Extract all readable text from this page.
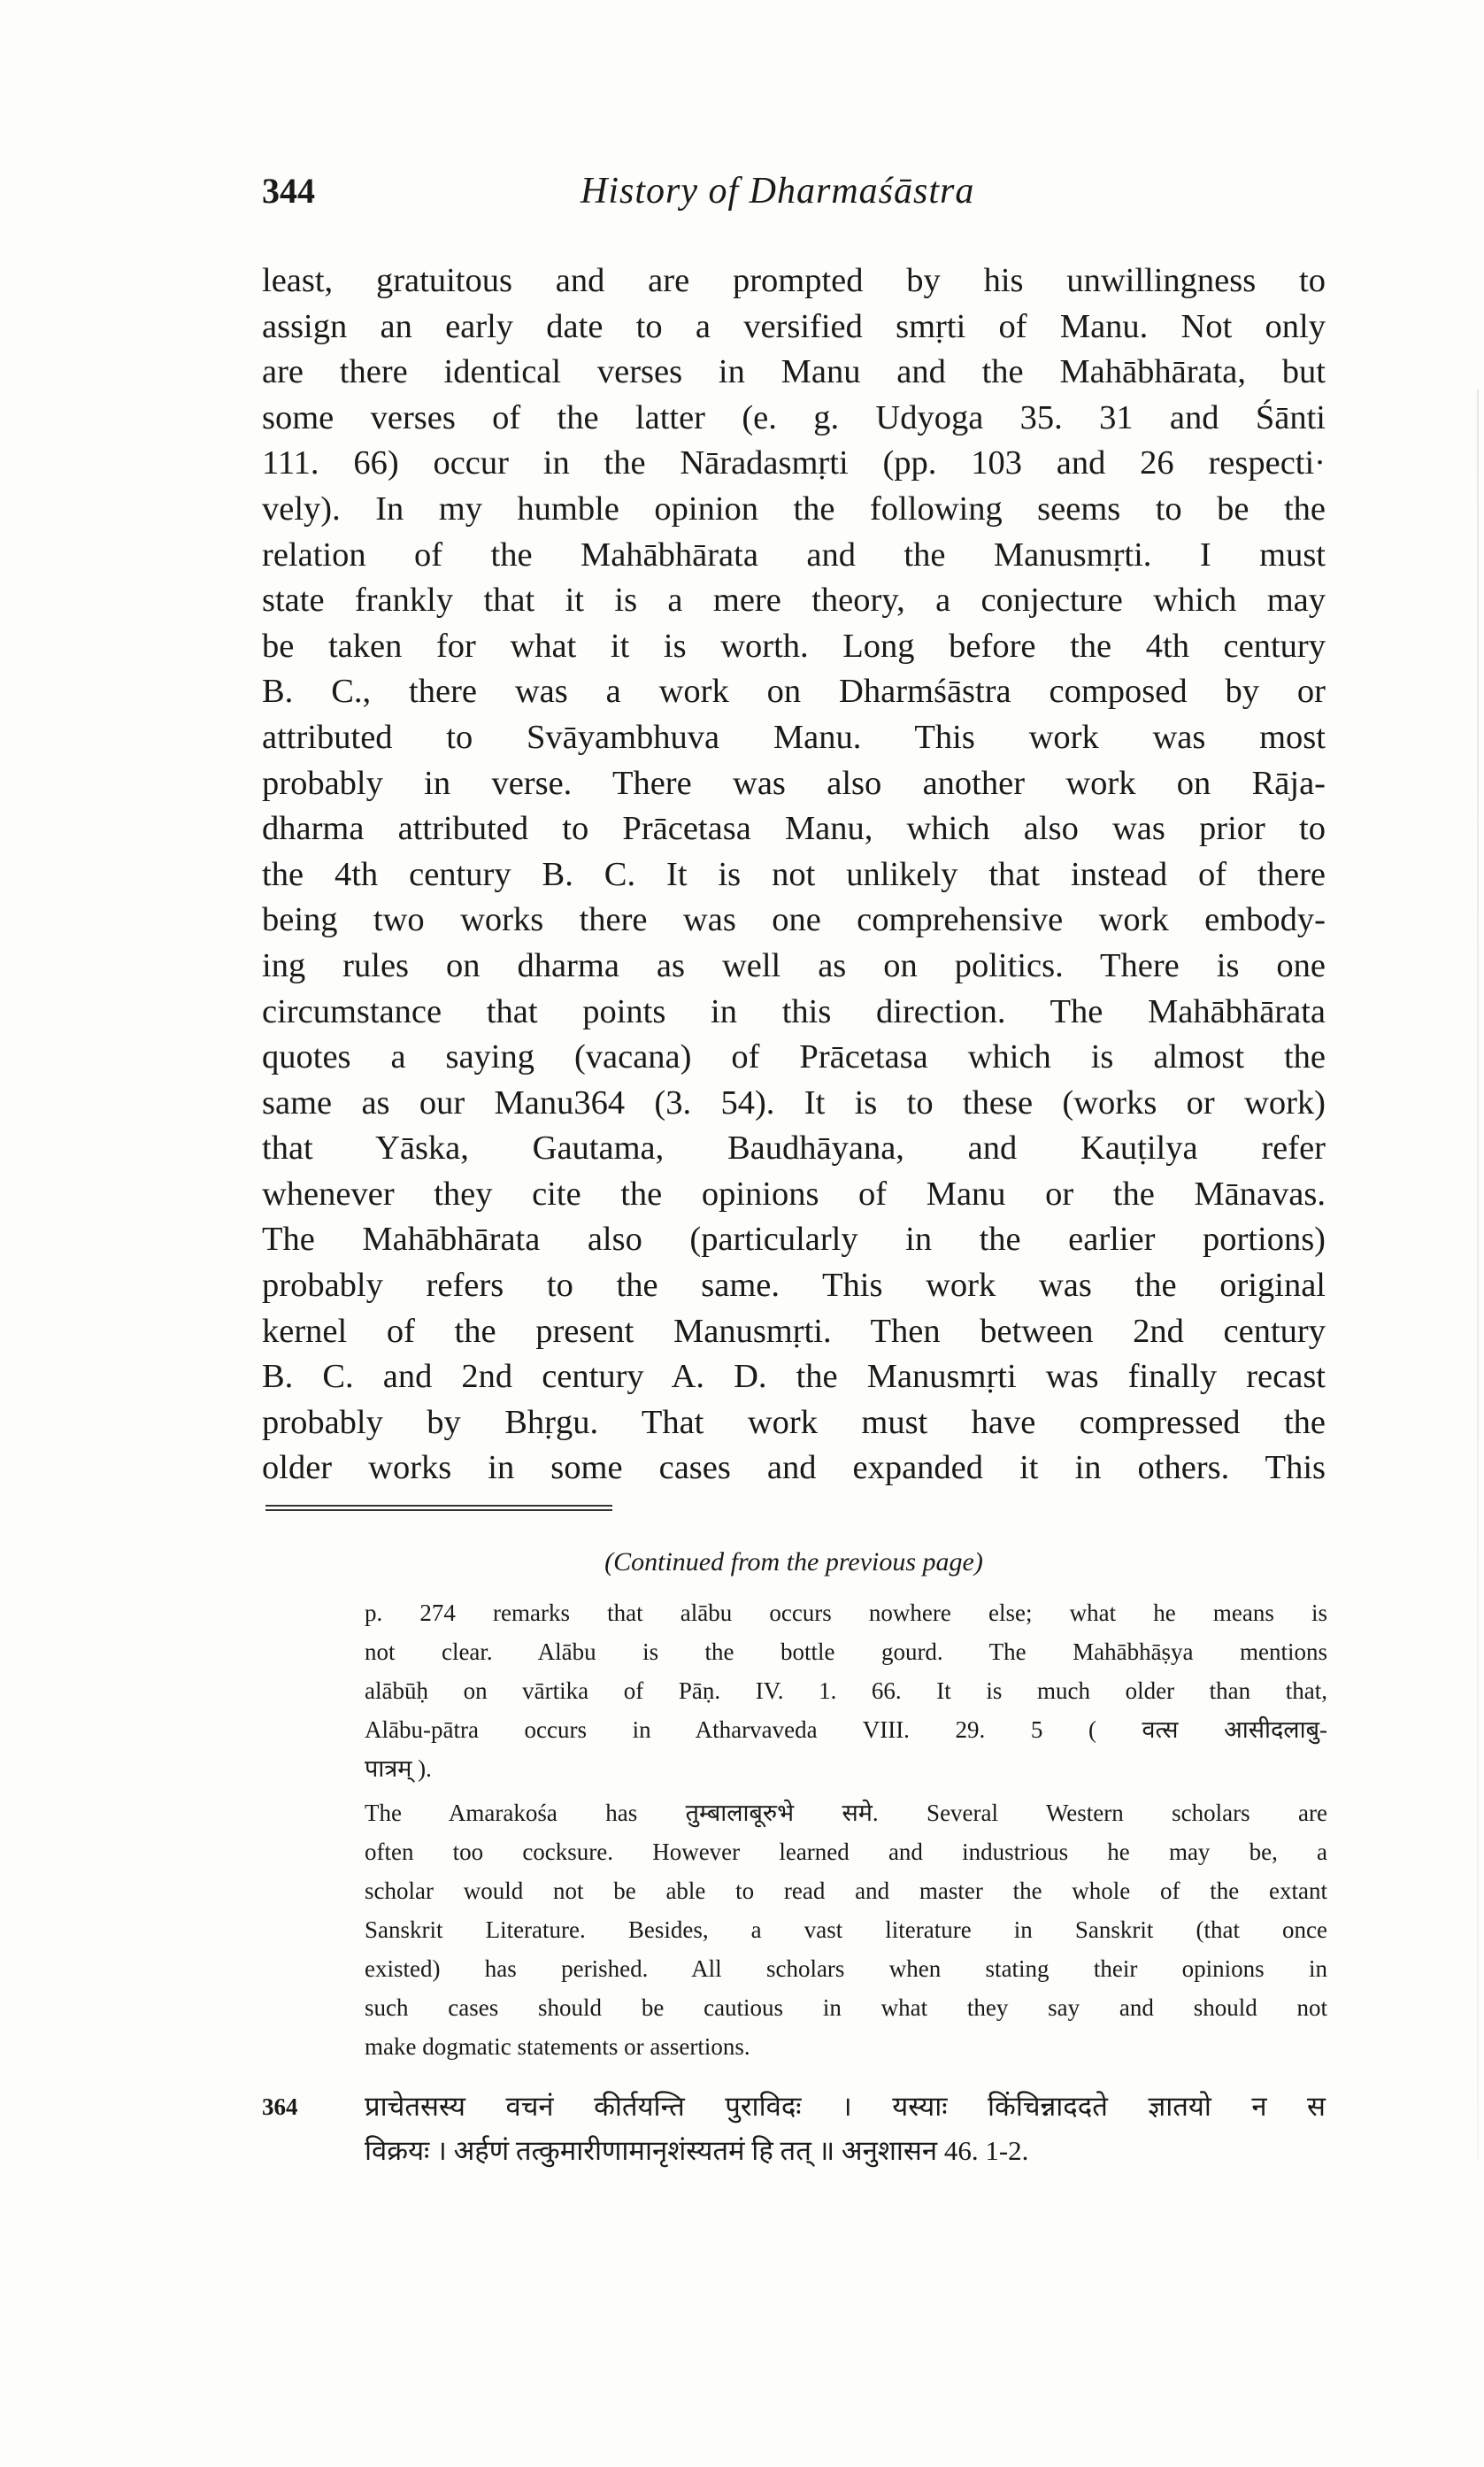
344	History of Dharmaśāstra
least, gratuitous and are prompted by his unwillingness to
assign an early date to a versified smṛti of Manu. Not only
are there identical verses in Manu and the Mahābhārata, but
some verses of the latter (e. g. Udyoga 35. 31 and Śānti
111. 66) occur in the Nāradasmṛti (pp. 103 and 26 respecti·
vely). In my humble opinion the following seems to be the
relation of the Mahābhārata and the Manusmṛti. I must
state frankly that it is a mere theory, a conjecture which may
be taken for what it is worth. Long before the 4th century
B. C., there was a work on Dharmśāstra composed by or
attributed to Svāyambhuva Manu. This work was most
probably in verse. There was also another work on Rāja-
dharma attributed to Prācetasa Manu, which also was prior to
the 4th century B. C. It is not unlikely that instead of there
being two works there was one comprehensive work embody-
ing rules on dharma as well as on politics. There is one
circumstance that points in this direction. The Mahābhārata
quotes a saying (vacana) of Prācetasa which is almost the
same as our Manu364 (3. 54). It is to these (works or work)
that Yāska, Gautama, Baudhāyana, and Kauṭilya refer
whenever they cite the opinions of Manu or the Mānavas.
The Mahābhārata also (particularly in the earlier portions)
probably refers to the same. This work was the original
kernel of the present Manusmṛti. Then between 2nd century
B. C. and 2nd century A. D. the Manusmṛti was finally recast
probably by Bhṛgu. That work must have compressed the
older works in some cases and expanded it in others. This
(Continued from the previous page)
p. 274 remarks that alābu occurs nowhere else; what he means is
not clear. Alābu is the bottle gourd. The Mahābhāṣya mentions
alābūḥ on vārtika of Pāṇ. IV. 1. 66. It is much older than that,
Alābu-pātra occurs in Atharvaveda VIII. 29. 5 ( वत्स आसीदलाबु-
पात्रम् ).
The Amarakośa has तुम्बालाबूरुभे समे. Several Western scholars are
often too cocksure. However learned and industrious he may be, a
scholar would not be able to read and master the whole of the extant
Sanskrit Literature. Besides, a vast literature in Sanskrit (that once
existed) has perished. All scholars when stating their opinions in
such cases should be cautious in what they say and should not
make dogmatic statements or assertions.
364 प्राचेतसस्य वचनं कीर्तयन्ति पुराविदः । यस्याः किंचिन्नाददते ज्ञातयो न स
विक्रयः । अर्हणं तत्कुमारीणामानृशंस्यतमं हि तत् ॥ अनुशासन 46. 1-2.
